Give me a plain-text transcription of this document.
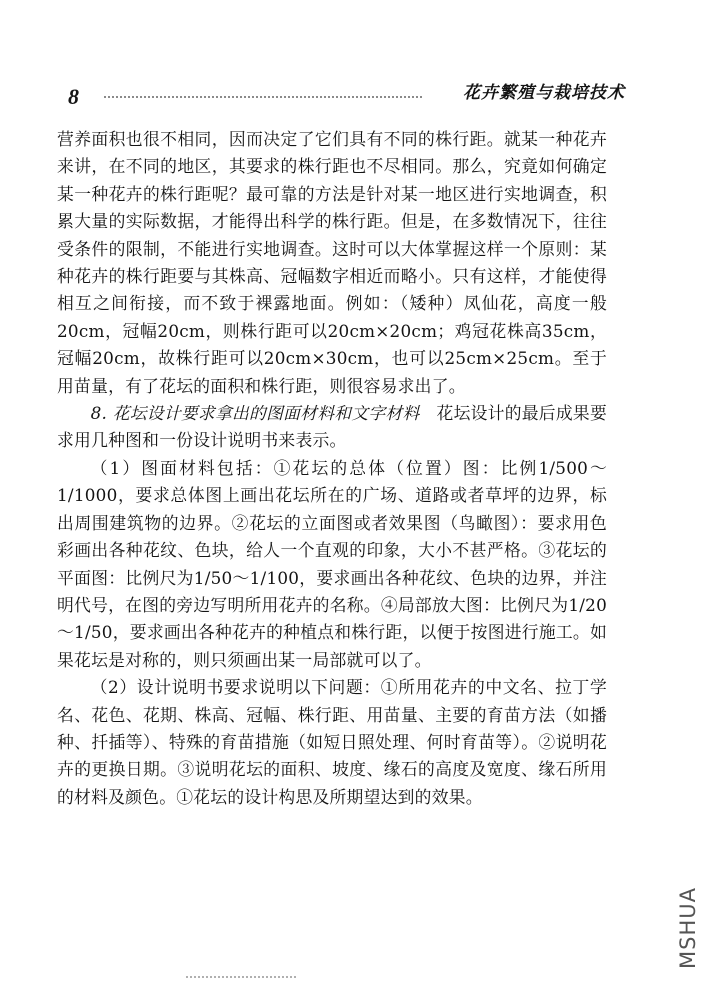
8	花卉繁殖与栽培技术

营养面积也很不相同，因而决定了它们具有不同的株行距。就某一种花卉来讲，在不同的地区，其要求的株行距也不尽相同。那么，究竟如何确定某一种花卉的株行距呢？最可靠的方法是针对某一地区进行实地调查，积累大量的实际数据，才能得出科学的株行距。但是，在多数情况下，往往受条件的限制，不能进行实地调查。这时可以大体掌握这样一个原则：某种花卉的株行距要与其株高、冠幅数字相近而略小。只有这样，才能使得相互之间衔接，而不致于裸露地面。例如：（矮种）凤仙花，高度一般20cm，冠幅20cm，则株行距可以20cm×20cm；鸡冠花株高35cm，冠幅20cm，故株行距可以20cm×30cm，也可以25cm×25cm。至于用苗量，有了花坛的面积和株行距，则很容易求出了。

8. 花坛设计要求拿出的图面材料和文字材料　 花坛设计的最后成果要求用几种图和一份设计说明书来表示。

（1）图面材料包括：①花坛的总体（位置）图：比例1/500～1/1000，要求总体图上画出花坛所在的广场、道路或者草坪的边界，标出周围建筑物的边界。②花坛的立面图或者效果图（鸟瞰图）：要求用色彩画出各种花纹、色块，给人一个直观的印象，大小不甚严格。③花坛的平面图：比例尺为1/50～1/100，要求画出各种花纹、色块的边界，并注明代号，在图的旁边写明所用花卉的名称。④局部放大图：比例尺为1/20～1/50，要求画出各种花卉的种植点和株行距，以便于按图进行施工。如果花坛是对称的，则只须画出某一局部就可以了。

（2）设计说明书要求说明以下问题：①所用花卉的中文名、拉丁学名、花色、花期、株高、冠幅、株行距、用苗量、主要的育苗方法（如播种、扦插等）、特殊的育苗措施（如短日照处理、何时育苗等）。②说明花卉的更换日期。③说明花坛的面积、坡度、缘石的高度及宽度、缘石所用的材料及颜色。①花坛的设计构思及所期望达到的效果。

MSHUA
